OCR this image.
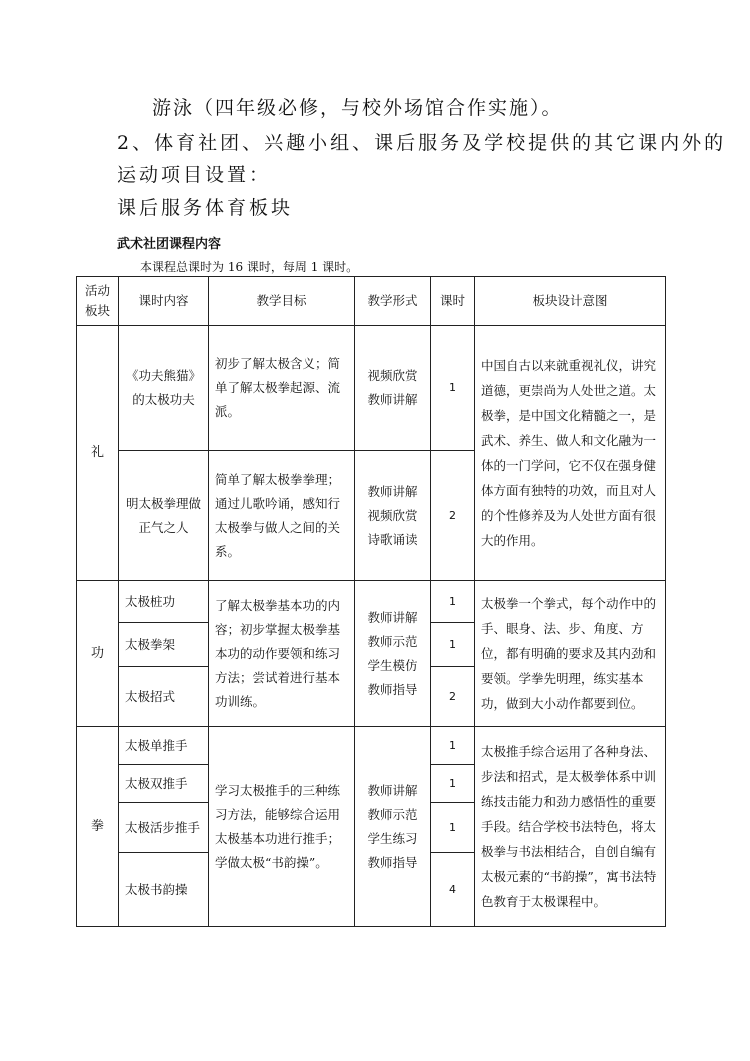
游泳（四年级必修，与校外场馆合作实施）。
2、体育社团、兴趣小组、课后服务及学校提供的其它课内外的
运动项目设置：
课后服务体育板块
武术社团课程内容
本课程总课时为 16 课时，每周 1 课时。
活动板块	课时内容	教学目标	教学形式	课时	板块设计意图
礼	《功夫熊猫》的太极功夫	初步了解太极含义；简单了解太极拳起源、流派。	视频欣赏 教师讲解	1	中国自古以来就重视礼仪，讲究道德，更崇尚为人处世之道。太极拳，是中国文化精髓之一，是武术、养生、做人和文化融为一体的一门学问，它不仅在强身健体方面有独特的功效，而且对人的个性修养及为人处世方面有很大的作用。
	明太极拳理做正气之人	简单了解太极拳拳理；通过儿歌吟诵，感知行太极拳与做人之间的关系。	教师讲解 视频欣赏 诗歌诵读	2	
功	太极桩功	了解太极拳基本功的内容；初步掌握太极拳基本功的动作要领和练习方法；尝试着进行基本功训练。	教师讲解 教师示范 学生模仿 教师指导	1	太极拳一个拳式，每个动作中的手、眼身、法、步、角度、方位，都有明确的要求及其内劲和要领。学拳先明理，练实基本功，做到大小动作都要到位。
	太极拳架			1	
	太极招式			2	
拳	太极单推手	学习太极推手的三种练习方法，能够综合运用太极基本功进行推手；学做太极“书韵操”。	教师讲解 教师示范 学生练习 教师指导	1	太极推手综合运用了各种身法、步法和招式，是太极拳体系中训练技击能力和劲力感悟性的重要手段。结合学校书法特色，将太极拳与书法相结合，自创自编有太极元素的“书韵操”，寓书法特色教育于太极课程中。
	太极双推手			1	
	太极活步推手			1	
	太极书韵操			4	
